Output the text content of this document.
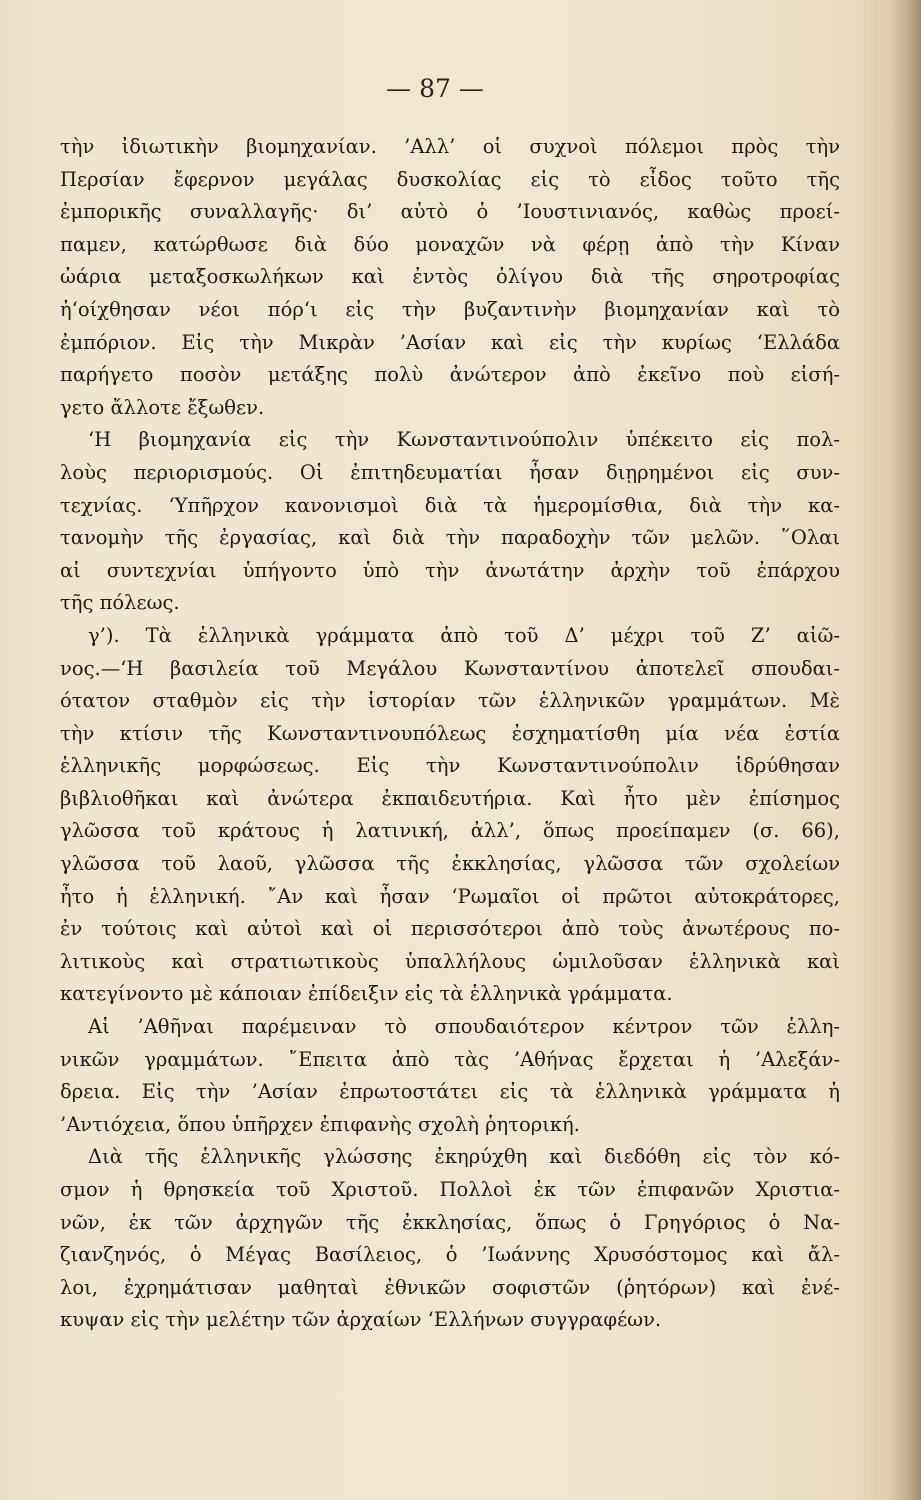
— 87 —
τὴν ἰδιωτικὴν βιομηχανίαν. ’Αλλ’ οἱ συχνοὶ πόλεμοι πρὸς τὴν
Περσίαν ἔφερνον μεγάλας δυσκολίας εἰς τὸ εἶδος τοῦτο τῆς
ἐμπορικῆς συναλλαγῆς· δι’ αὐτὸ ὁ ’Ιουστινιανός, καθὼς προεί-
παμεν, κατώρθωσε διὰ δύο μοναχῶν νὰ φέρῃ ἀπὸ τὴν Κίναν
ὠάρια μεταξοσκωλήκων καὶ ἐντὸς ὀλίγου διὰ τῆς σηροτροφίας
ἠ‘οίχθησαν νέοι πόρ‘ι εἰς τὴν βυζαντινὴν βιομηχανίαν καὶ τὸ
ἐμπόριον. Εἰς τὴν Μικρὰν ’Ασίαν καὶ εἰς τὴν κυρίως ‘Ελλάδα
παρήγετο ποσὸν μετάξης πολὺ ἀνώτερον ἀπὸ ἐκεῖνο ποὺ εἰσή-
γετο ἄλλοτε ἔξωθεν.
‘Η βιομηχανία εἰς τὴν Κωνσταντινούπολιν ὑπέκειτο εἰς πολ-
λοὺς περιορισμούς. Οἱ ἐπιτηδευματίαι ἦσαν διῃρημένοι εἰς συν-
τεχνίας. ‘Υπῆρχον κανονισμοὶ διὰ τὰ ἡμερομίσθια, διὰ τὴν κα-
τανομὴν τῆς ἐργασίας, καὶ διὰ τὴν παραδοχὴν τῶν μελῶν. ῞Ολαι
αἱ συντεχνίαι ὑπήγοντο ὑπὸ τὴν ἀνωτάτην ἀρχὴν τοῦ ἐπάρχου
τῆς πόλεως.
γ’). Τὰ ἑλληνικὰ γράμματα ἀπὸ τοῦ Δ’ μέχρι τοῦ Ζ’ αἰῶ-
νος.—‘Η βασιλεία τοῦ Μεγάλου Κωνσταντίνου ἀποτελεῖ σπουδαι-
ότατον σταθμὸν εἰς τὴν ἱστορίαν τῶν ἑλληνικῶν γραμμάτων. Μὲ
τὴν κτίσιν τῆς Κωνσταντινουπόλεως ἐσχηματίσθη μία νέα ἑστία
ἑλληνικῆς μορφώσεως. Εἰς τὴν Κωνσταντινούπολιν ἱδρύθησαν
βιβλιοθῆκαι καὶ ἀνώτερα ἐκπαιδευτήρια. Καὶ ἦτο μὲν ἐπίσημος
γλῶσσα τοῦ κράτους ἡ λατινική, ἀλλ’, ὅπως προείπαμεν (σ. 66),
γλῶσσα τοῦ λαοῦ, γλῶσσα τῆς ἐκκλησίας, γλῶσσα τῶν σχολείων
ἦτο ἡ ἑλληνική. ῎Αν καὶ ἦσαν ‘Ρωμαῖοι οἱ πρῶτοι αὐτοκράτορες,
ἐν τούτοις καὶ αὐτοὶ καὶ οἱ περισσότεροι ἀπὸ τοὺς ἀνωτέρους πο-
λιτικοὺς καὶ στρατιωτικοὺς ὑπαλλήλους ὡμιλοῦσαν ἑλληνικὰ καὶ
κατεγίνοντο μὲ κάποιαν ἐπίδειξιν εἰς τὰ ἑλληνικὰ γράμματα.
Αἱ ’Αθῆναι παρέμειναν τὸ σπουδαιότερον κέντρον τῶν ἑλλη-
νικῶν γραμμάτων. ῎Επειτα ἀπὸ τὰς ’Αθήνας ἔρχεται ἡ ’Αλεξάν-
δρεια. Εἰς τὴν ’Ασίαν ἐπρωτοστάτει εἰς τὰ ἑλληνικὰ γράμματα ἡ
’Αντιόχεια, ὅπου ὑπῆρχεν ἐπιφανὴς σχολὴ ῥητορική.
Διὰ τῆς ἑλληνικῆς γλώσσης ἐκηρύχθη καὶ διεδόθη εἰς τὸν κό-
σμον ἡ θρησκεία τοῦ Χριστοῦ. Πολλοὶ ἐκ τῶν ἐπιφανῶν Χριστια-
νῶν, ἐκ τῶν ἀρχηγῶν τῆς ἐκκλησίας, ὅπως ὁ Γρηγόριος ὁ Να-
ζιανζηνός, ὁ Μέγας Βασίλειος, ὁ ’Ιωάννης Χρυσόστομος καὶ ἄλ-
λοι, ἐχρημάτισαν μαθηταὶ ἐθνικῶν σοφιστῶν (ῥητόρων) καὶ ἐνέ-
κυψαν εἰς τὴν μελέτην τῶν ἀρχαίων ‘Ελλήνων συγγραφέων.
